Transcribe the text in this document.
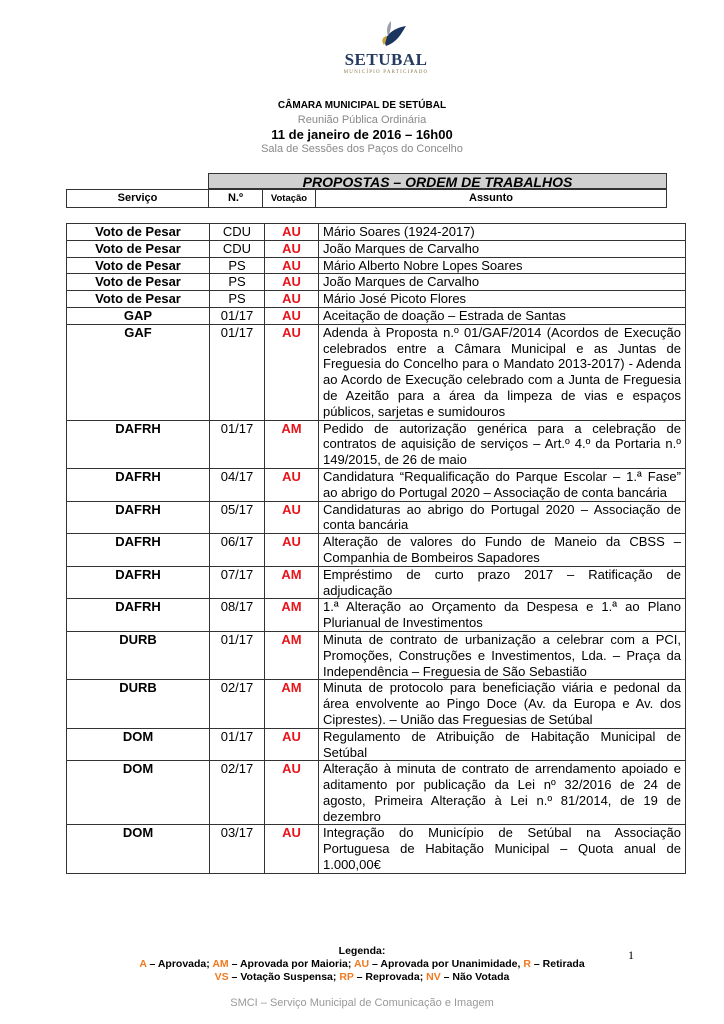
SETUBAL
MUNICÍPIO PARTICIPADO
CÂMARA MUNICIPAL DE SETÚBAL
Reunião Pública Ordinária
11 de janeiro de 2016 – 16h00
Sala de Sessões dos Paços do Concelho
PROPOSTAS – ORDEM DE TRABALHOS
Serviço	N.º	Votação	Assunto
Voto de Pesar	CDU	AU	Mário Soares (1924-2017)
Voto de Pesar	CDU	AU	João Marques de Carvalho
Voto de Pesar	PS	AU	Mário Alberto Nobre Lopes Soares
Voto de Pesar	PS	AU	João Marques de Carvalho
Voto de Pesar	PS	AU	Mário José Picoto Flores
GAP	01/17	AU	Aceitação de doação – Estrada de Santas
GAF	01/17	AU	Adenda à Proposta n.º 01/GAF/2014 (Acordos de Execução celebrados entre a Câmara Municipal e as Juntas de Freguesia do Concelho para o Mandato 2013-2017) - Adenda ao Acordo de Execução celebrado com a Junta de Freguesia de Azeitão para a área da limpeza de vias e espaços públicos, sarjetas e sumidouros
DAFRH	01/17	AM	Pedido de autorização genérica para a celebração de contratos de aquisição de serviços – Art.º 4.º da Portaria n.º 149/2015, de 26 de maio
DAFRH	04/17	AU	Candidatura “Requalificação do Parque Escolar – 1.ª Fase” ao abrigo do Portugal 2020 – Associação de conta bancária
DAFRH	05/17	AU	Candidaturas ao abrigo do Portugal 2020 – Associação de conta bancária
DAFRH	06/17	AU	Alteração de valores do Fundo de Maneio da CBSS – Companhia de Bombeiros Sapadores
DAFRH	07/17	AM	Empréstimo de curto prazo 2017 – Ratificação de adjudicação
DAFRH	08/17	AM	1.ª Alteração ao Orçamento da Despesa e 1.ª ao Plano Plurianual de Investimentos
DURB	01/17	AM	Minuta de contrato de urbanização a celebrar com a PCI, Promoções, Construções e Investimentos, Lda. – Praça da Independência – Freguesia de São Sebastião
DURB	02/17	AM	Minuta de protocolo para beneficiação viária e pedonal da área envolvente ao Pingo Doce (Av. da Europa e Av. dos Ciprestes). – União das Freguesias de Setúbal
DOM	01/17	AU	Regulamento de Atribuição de Habitação Municipal de Setúbal
DOM	02/17	AU	Alteração à minuta de contrato de arrendamento apoiado e aditamento por publicação da Lei nº 32/2016 de 24 de agosto, Primeira Alteração à Lei n.º 81/2014, de 19 de dezembro
DOM	03/17	AU	Integração do Município de Setúbal na Associação Portuguesa de Habitação Municipal – Quota anual de 1.000,00€
Legenda:
A – Aprovada; AM – Aprovada por Maioria; AU – Aprovada por Unanimidade, R – Retirada
VS – Votação Suspensa; RP – Reprovada; NV – Não Votada
1
SMCI – Serviço Municipal de Comunicação e Imagem
